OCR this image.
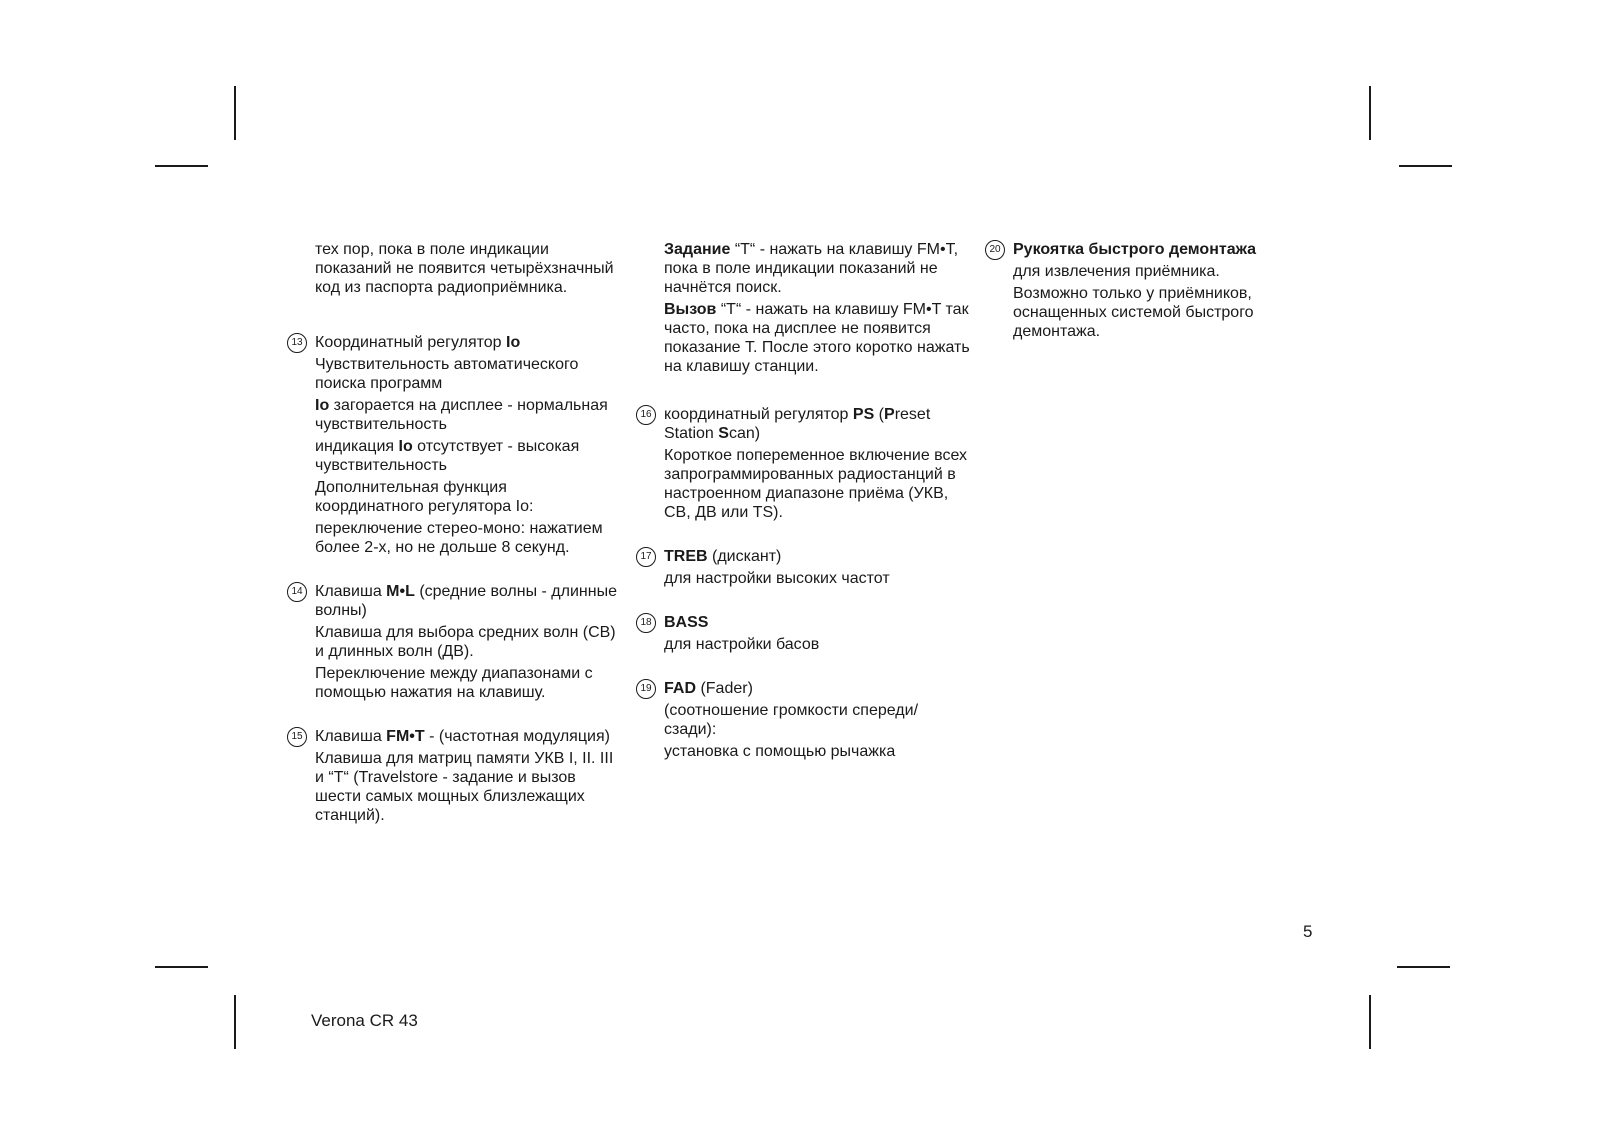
тех пор, пока в поле индикации показаний не появится четырёхзначный код из паспорта радиоприёмника.

13 Координатный регулятор Io

Чувствительность автоматического поиска программ

Io загорается на дисплее - нормальная чувствительность

индикация Io отсутствует - высокая чувствительность

Дополнительная функция координатного регулятора Io:

переключение стерео-моно: нажатием более 2-х, но не дольше 8 секунд.

14 Клавиша M•L (средние волны - длинные волны)

Клавиша для выбора средних волн (СВ) и длинных волн (ДВ).

Переключение между диапазонами с помощью нажатия на клавишу.

15 Клавиша FM•T - (частотная модуляция)

Клавиша для матриц памяти УКВ I, II. III и “T“ (Travelstore - задание и вызов шести самых мощных близлежащих станций).

Задание “T“ - нажать на клавишу FM•T, пока в поле индикации показаний не начнётся поиск.

Вызов “T“ - нажать на клавишу FM•T так часто, пока на дисплее не появится показание T. После этого коротко нажать на клавишу станции.

16 координатный регулятор PS (Preset Station Scan)

Короткое попеременное включение всех запрограммированных радиостанций в настроенном диапазоне приёма (УКВ, СВ, ДВ или TS).

17 TREB (дискант)

для настройки высоких частот

18 BASS

для настройки басов

19 FAD (Fader)

(соотношение громкости спереди/ сзади):

установка с помощью рычажка

20 Рукоятка быстрого демонтажа

для извлечения приёмника.

Возможно только у приёмников, оснащенных системой быстрого демонтажа.

5
Verona CR 43
